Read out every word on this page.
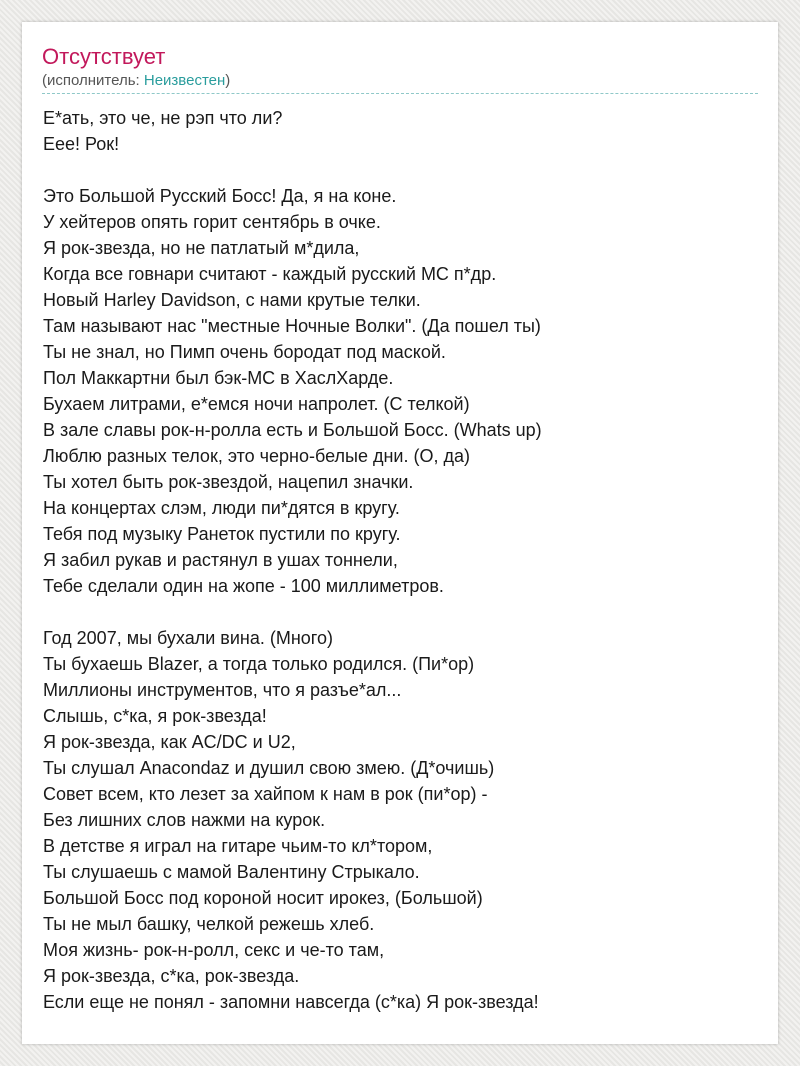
Отсутствует
(исполнитель: Неизвестен)
Е*ать, это че, не рэп что ли?
Еее! Рок!
Это Большой Русский Босс! Да, я на коне.
У хейтеров опять горит сентябрь в очке.
Я рок-звезда, но не патлатый м*дила,
Когда все говнари считают - каждый русский МС п*др.
Новый Harley Davidson, с нами крутые телки.
Там называют нас "местные Ночные Волки". (Да пошел ты)
Ты не знал, но Пимп очень бородат под маской.
Пол Маккартни был бэк-МС в ХаслХарде.
Бухаем литрами, е*емся ночи напролет. (С телкой)
В зале славы рок-н-ролла есть и Большой Босс. (Whats up)
Люблю разных телок, это черно-белые дни. (О, да)
Ты хотел быть рок-звездой, нацепил значки.
На концертах слэм, люди пи*дятся в кругу.
Тебя под музыку Ранеток пустили по кругу.
Я забил рукав и растянул в ушах тоннели,
Тебе сделали один на жопе - 100 миллиметров.
Год 2007, мы бухали вина. (Много)
Ты бухаешь Blazer, а тогда только родился. (Пи*ор)
Миллионы инструментов, что я разъе*ал...
Слышь, с*ка, я рок-звезда!
Я рок-звезда, как AC/DC и U2,
Ты слушал Anacondaz и душил свою змею. (Д*очишь)
Совет всем, кто лезет за хайпом к нам в рок (пи*ор) -
Без лишних слов нажми на курок.
В детстве я играл на гитаре чьим-то кл*тором,
Ты слушаешь с мамой Валентину Стрыкало.
Большой Босс под короной носит ирокез, (Большой)
Ты не мыл башку, челкой режешь хлеб.
Моя жизнь- рок-н-ролл, секс и че-то там,
Я рок-звезда, с*ка, рок-звезда.
Если еще не понял - запомни навсегда (с*ка) Я рок-звезда!
